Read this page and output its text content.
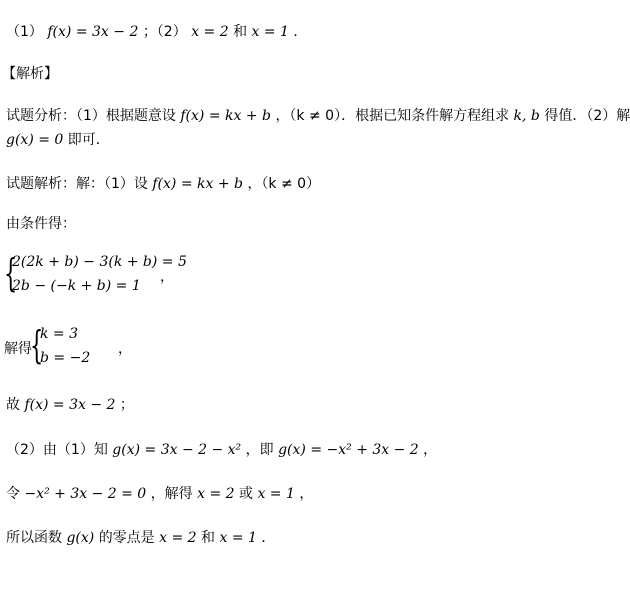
（1） f(x) = 3x − 2 ；（2） x = 2 和 x = 1 ．
【解析】
试题分析：（1）根据题意设 f(x) = kx + b ，（k ≠ 0）．根据已知条件解方程组求 k, b 得值．（2）解
g(x) = 0 即可．
试题解析：解：（1）设 f(x) = kx + b ，（k ≠ 0）
由条件得：
{
2(2k + b) − 3(k + b) = 5
2b − (−k + b) = 1
，
解得
{
k = 3
b = −2
，
故 f(x) = 3x − 2 ；
（2）由（1）知 g(x) = 3x − 2 − x² ，即 g(x) = −x² + 3x − 2 ，
令 −x² + 3x − 2 = 0 ，解得 x = 2 或 x = 1 ，
所以函数 g(x) 的零点是 x = 2 和 x = 1 ．
